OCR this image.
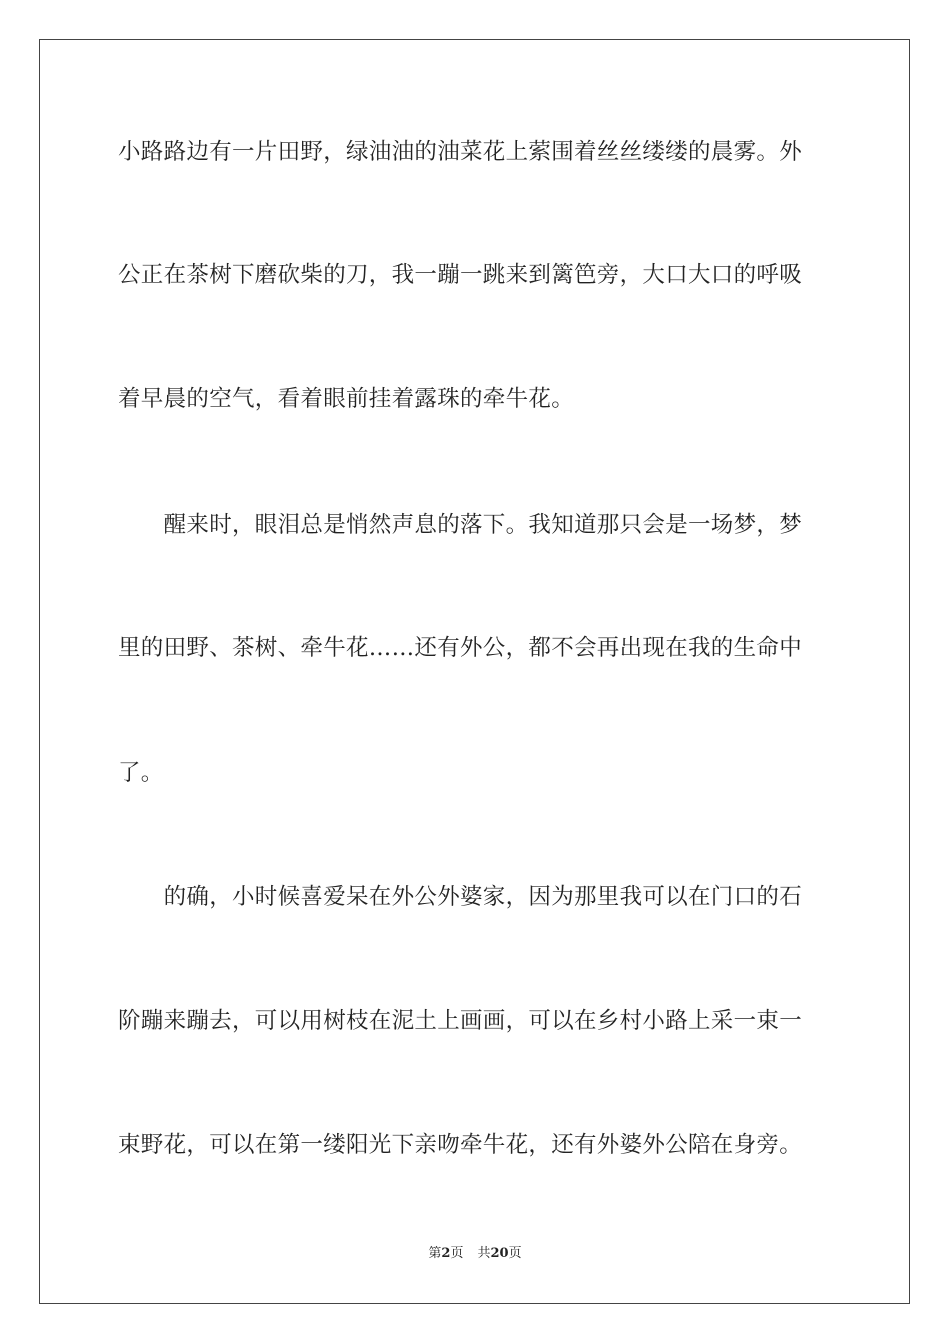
小路路边有一片田野，绿油油的油菜花上萦围着丝丝缕缕的晨雾。外
公正在茶树下磨砍柴的刀，我一蹦一跳来到篱笆旁，大口大口的呼吸
着早晨的空气，看着眼前挂着露珠的牵牛花。
　　醒来时，眼泪总是悄然声息的落下。我知道那只会是一场梦，梦
里的田野、茶树、牵牛花……还有外公，都不会再出现在我的生命中
了。
　　的确，小时候喜爱呆在外公外婆家，因为那里我可以在门口的石
阶蹦来蹦去，可以用树枝在泥土上画画，可以在乡村小路上采一束一
束野花，可以在第一缕阳光下亲吻牵牛花，还有外婆外公陪在身旁。
第2页 共20页
